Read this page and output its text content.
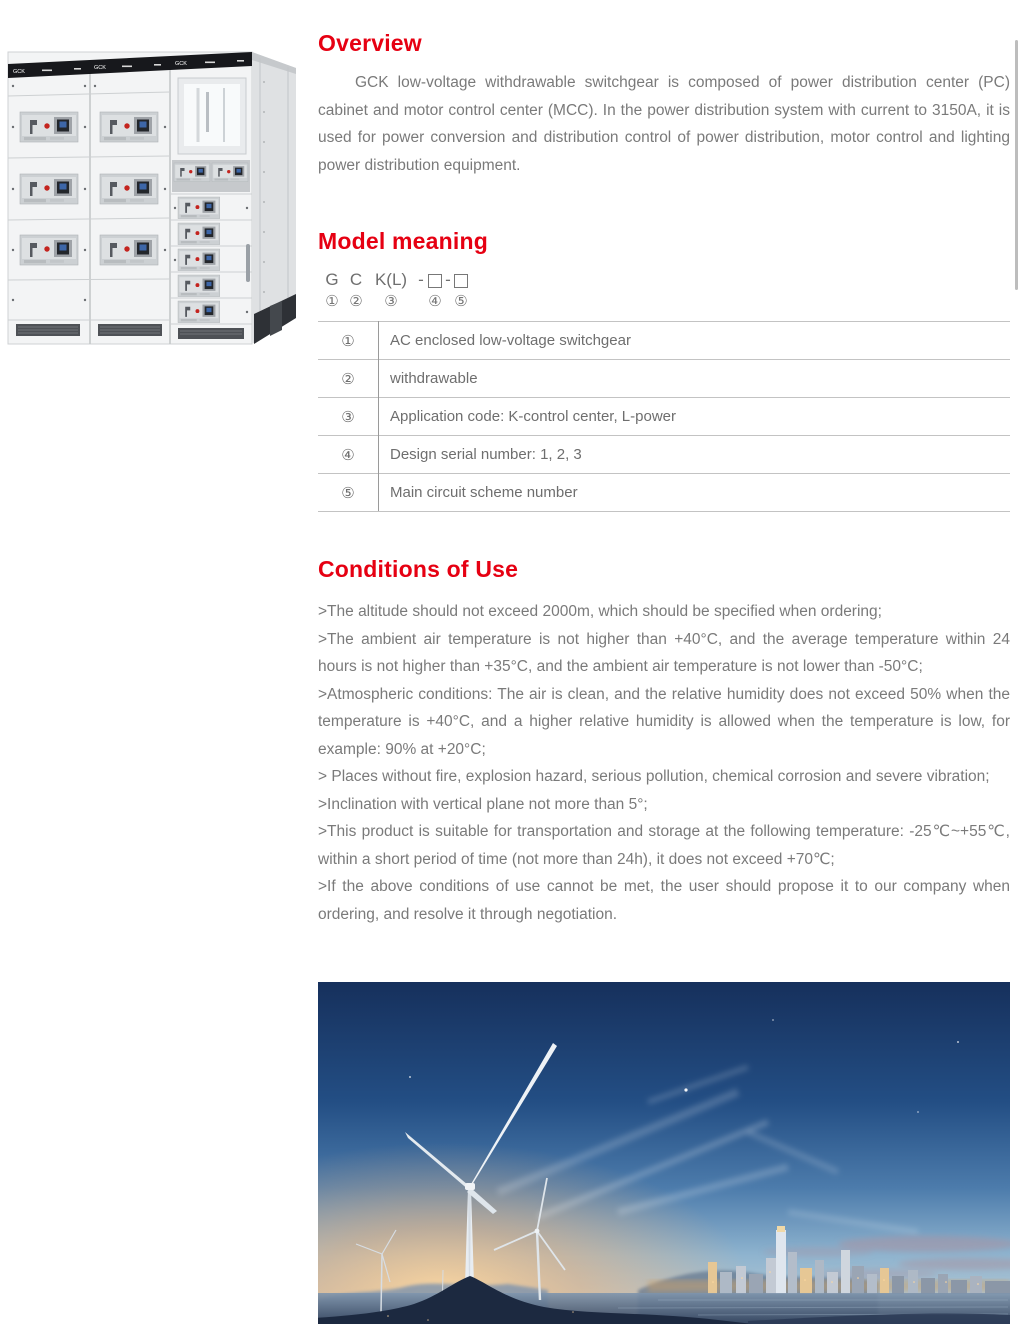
GCK
GCK
GCK
Overview

GCK low-voltage withdrawable switchgear is composed of power distribution center (PC) cabinet and motor control center (MCC). In the power distribution system with current to 3150A, it is used for power conversion and distribution control of power distribution, motor control and lighting power distribution equipment.

Model meaning
G C K(L) - -
① ②	③	④ ⑤
①	AC enclosed low-voltage switchgear
②	withdrawable
③	Application code: K-control center, L-power
④	Design serial number: 1, 2, 3
⑤	Main circuit scheme number
Conditions of Use

>The altitude should not exceed 2000m, which should be specified when ordering;

>The ambient air temperature is not higher than +40°C, and the average temperature within 24 hours is not higher than +35°C, and the ambient air temperature is not lower than -50°C;

>Atmospheric conditions: The air is clean, and the relative humidity does not exceed 50% when the temperature is +40°C, and a higher relative humidity is allowed when the temperature is low, for example: 90% at +20°C;

> Places without fire, explosion hazard, serious pollution, chemical corrosion and severe vibration;

>Inclination with vertical plane not more than 5°;

>This product is suitable for transportation and storage at the following temperature: -25℃~+55℃, within a short period of time (not more than 24h), it does not exceed +70℃;

>If the above conditions of use cannot be met, the user should propose it to our company when ordering, and resolve it through negotiation.
